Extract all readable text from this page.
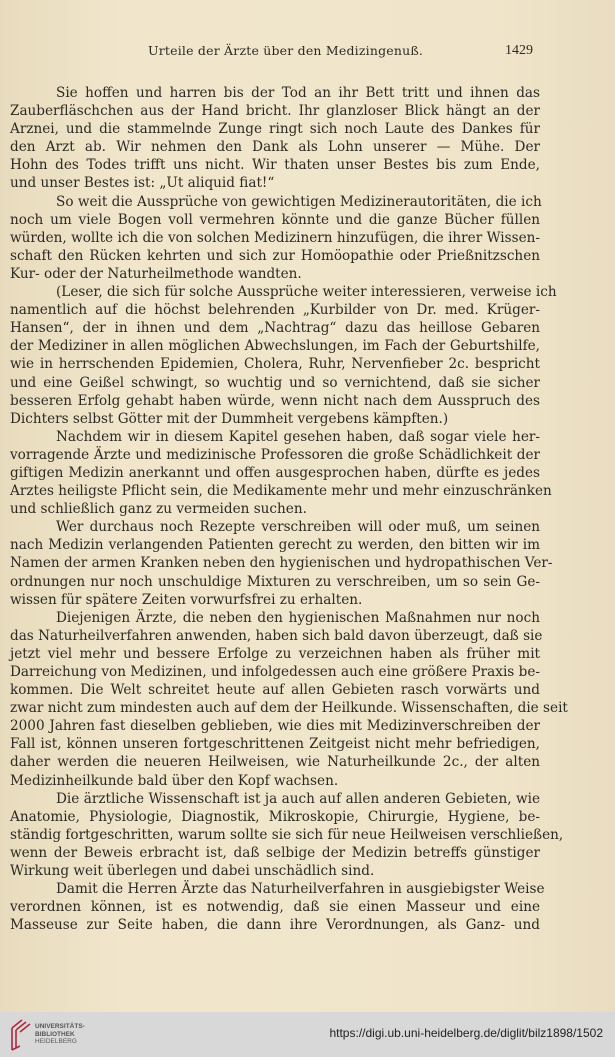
Urteile der Ärzte über den Medizingenuß.	1429
Sie hoffen und harren bis der Tod an ihr Bett tritt und ihnen das
Zauberfläschchen aus der Hand bricht. Ihr glanzloser Blick hängt an der
Arznei, und die stammelnde Zunge ringt sich noch Laute des Dankes für
den Arzt ab. Wir nehmen den Dank als Lohn unserer — Mühe. Der
Hohn des Todes trifft uns nicht. Wir thaten unser Bestes bis zum Ende,
und unser Bestes ist: „Ut aliquid fiat!“
So weit die Aussprüche von gewichtigen Medizinerautoritäten, die ich
noch um viele Bogen voll vermehren könnte und die ganze Bücher füllen
würden, wollte ich die von solchen Medizinern hinzufügen, die ihrer Wissen-
schaft den Rücken kehrten und sich zur Homöopathie oder Prießnitzschen
Kur- oder der Naturheilmethode wandten.
(Leser, die sich für solche Aussprüche weiter interessieren, verweise ich
namentlich auf die höchst belehrenden „Kurbilder von Dr. med. Krüger-
Hansen“, der in ihnen und dem „Nachtrag“ dazu das heillose Gebaren
der Mediziner in allen möglichen Abwechslungen, im Fach der Geburtshilfe,
wie in herrschenden Epidemien, Cholera, Ruhr, Nervenfieber 2c. bespricht
und eine Geißel schwingt, so wuchtig und so vernichtend, daß sie sicher
besseren Erfolg gehabt haben würde, wenn nicht nach dem Ausspruch des
Dichters selbst Götter mit der Dummheit vergebens kämpften.)
Nachdem wir in diesem Kapitel gesehen haben, daß sogar viele her-
vorragende Ärzte und medizinische Professoren die große Schädlichkeit der
giftigen Medizin anerkannt und offen ausgesprochen haben, dürfte es jedes
Arztes heiligste Pflicht sein, die Medikamente mehr und mehr einzuschränken
und schließlich ganz zu vermeiden suchen.
Wer durchaus noch Rezepte verschreiben will oder muß, um seinen
nach Medizin verlangenden Patienten gerecht zu werden, den bitten wir im
Namen der armen Kranken neben den hygienischen und hydropathischen Ver-
ordnungen nur noch unschuldige Mixturen zu verschreiben, um so sein Ge-
wissen für spätere Zeiten vorwurfsfrei zu erhalten.
Diejenigen Ärzte, die neben den hygienischen Maßnahmen nur noch
das Naturheilverfahren anwenden, haben sich bald davon überzeugt, daß sie
jetzt viel mehr und bessere Erfolge zu verzeichnen haben als früher mit
Darreichung von Medizinen, und infolgedessen auch eine größere Praxis be-
kommen. Die Welt schreitet heute auf allen Gebieten rasch vorwärts und
zwar nicht zum mindesten auch auf dem der Heilkunde. Wissenschaften, die seit
2000 Jahren fast dieselben geblieben, wie dies mit Medizinverschreiben der
Fall ist, können unseren fortgeschrittenen Zeitgeist nicht mehr befriedigen,
daher werden die neueren Heilweisen, wie Naturheilkunde 2c., der alten
Medizinheilkunde bald über den Kopf wachsen.
Die ärztliche Wissenschaft ist ja auch auf allen anderen Gebieten, wie
Anatomie, Physiologie, Diagnostik, Mikroskopie, Chirurgie, Hygiene, be-
ständig fortgeschritten, warum sollte sie sich für neue Heilweisen verschließen,
wenn der Beweis erbracht ist, daß selbige der Medizin betreffs günstiger
Wirkung weit überlegen und dabei unschädlich sind.
Damit die Herren Ärzte das Naturheilverfahren in ausgiebigster Weise
verordnen können, ist es notwendig, daß sie einen Masseur und eine
Masseuse zur Seite haben, die dann ihre Verordnungen, als Ganz- und
UNIVERSITÄTS-
BIBLIOTHEK
HEIDELBERG
https://digi.ub.uni-heidelberg.de/diglit/bilz1898/1502
